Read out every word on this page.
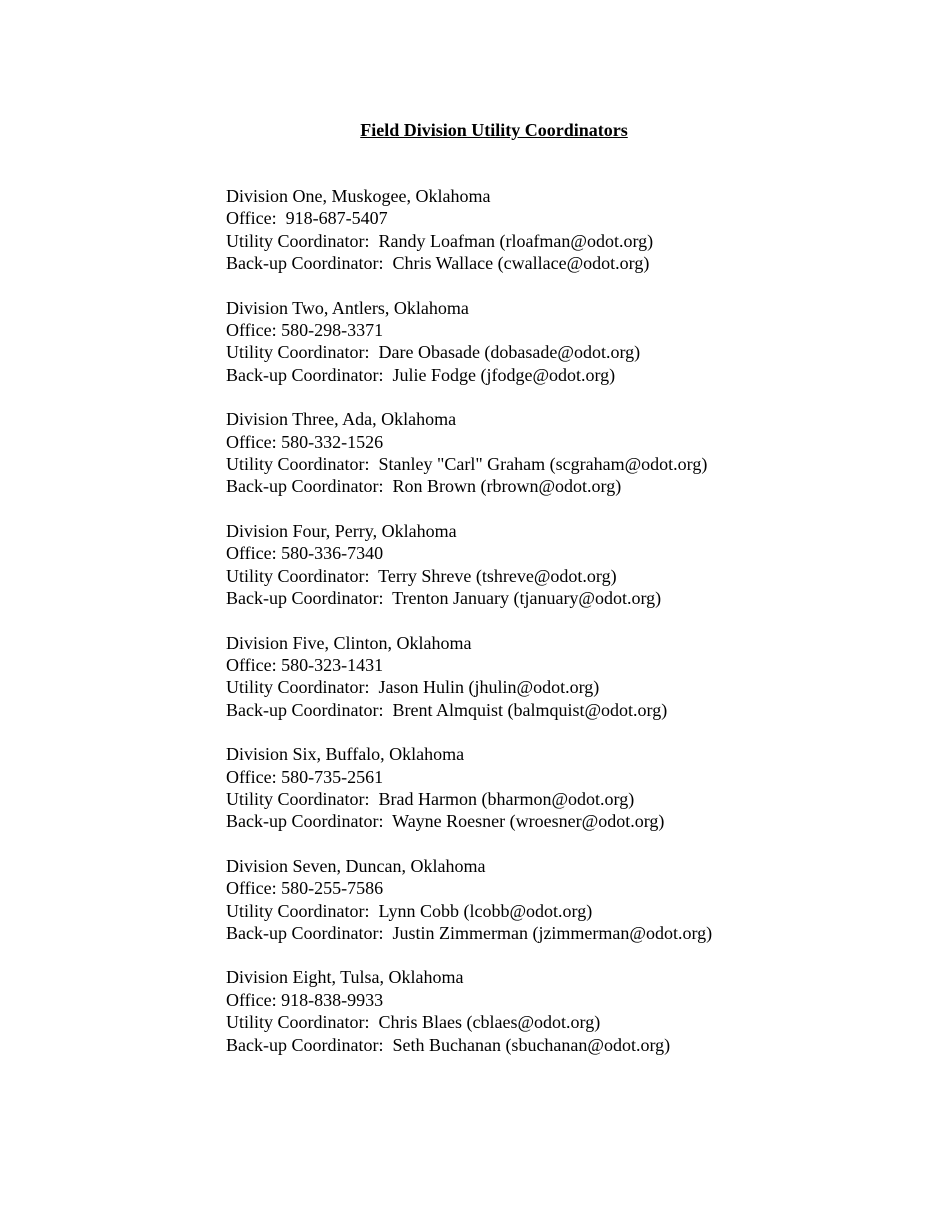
Field Division Utility Coordinators
Division One, Muskogee, Oklahoma
Office:  918-687-5407
Utility Coordinator:  Randy Loafman (rloafman@odot.org)
Back-up Coordinator:  Chris Wallace (cwallace@odot.org)
Division Two, Antlers, Oklahoma
Office: 580-298-3371
Utility Coordinator:  Dare Obasade (dobasade@odot.org)
Back-up Coordinator:  Julie Fodge (jfodge@odot.org)
Division Three, Ada, Oklahoma
Office: 580-332-1526
Utility Coordinator:  Stanley "Carl" Graham (scgraham@odot.org)
Back-up Coordinator:  Ron Brown (rbrown@odot.org)
Division Four, Perry, Oklahoma
Office: 580-336-7340
Utility Coordinator:  Terry Shreve (tshreve@odot.org)
Back-up Coordinator:  Trenton January (tjanuary@odot.org)
Division Five, Clinton, Oklahoma
Office: 580-323-1431
Utility Coordinator:  Jason Hulin (jhulin@odot.org)
Back-up Coordinator:  Brent Almquist (balmquist@odot.org)
Division Six, Buffalo, Oklahoma
Office: 580-735-2561
Utility Coordinator:  Brad Harmon (bharmon@odot.org)
Back-up Coordinator:  Wayne Roesner (wroesner@odot.org)
Division Seven, Duncan, Oklahoma
Office: 580-255-7586
Utility Coordinator:  Lynn Cobb (lcobb@odot.org)
Back-up Coordinator:  Justin Zimmerman (jzimmerman@odot.org)
Division Eight, Tulsa, Oklahoma
Office: 918-838-9933
Utility Coordinator:  Chris Blaes (cblaes@odot.org)
Back-up Coordinator:  Seth Buchanan (sbuchanan@odot.org)
